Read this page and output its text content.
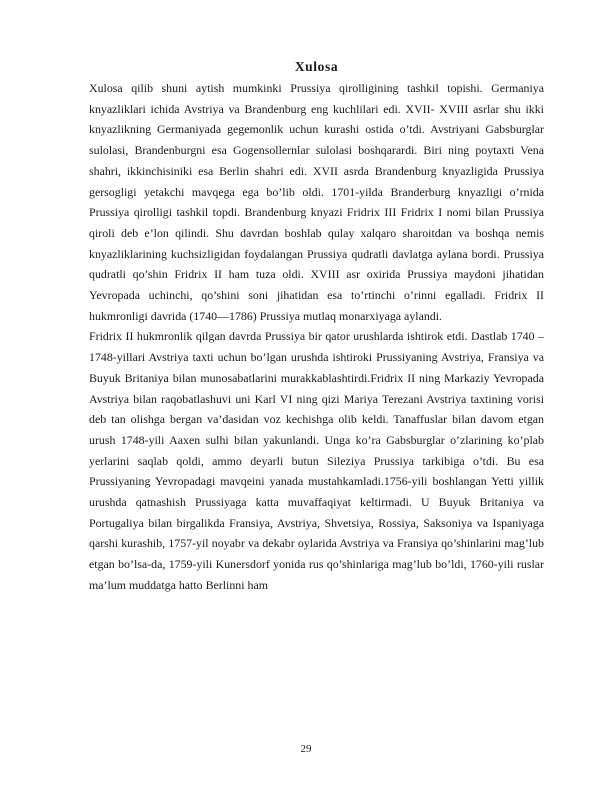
Xulosa

Xulosa qilib shuni aytish mumkinki Prussiya qirolligining tashkil topishi. Germaniya knyazliklari ichida Avstriya va Brandenburg eng kuchlilari edi. XVII- XVIII asrlar shu ikki knyazlikning Germaniyada gegemonlik uchun kurashi ostida o’tdi. Avstriyani Gabsburglar sulolasi, Brandenburgni esa Gogensollernlar sulolasi boshqarardi. Biri ning poytaxti Vena shahri, ikkinchisiniki esa Berlin shahri edi. XVII asrda Brandenburg knyazligida Prussiya gersogligi yetakchi mavqega ega bo’lib oldi. 1701-yilda Branderburg knyazligi o’rnida Prussiya qirolligi tashkil topdi. Brandenburg knyazi Fridrix III Fridrix I nomi bilan Prussiya qiroli deb e’lon qilindi. Shu davrdan boshlab qulay xalqaro sharoitdan va boshqa nemis knyazliklarining kuchsizligidan foydalangan Prussiya qudratli davlatga aylana bordi. Prussiya qudratli qo’shin Fridrix II ham tuza oldi. XVIII asr oxirida Prussiya maydoni jihatidan Yevropada uchinchi, qo’shini soni jihatidan esa to’rtinchi o’rinni egalladi. Fridrix II hukmronligi davrida (1740—1786) Prussiya mutlaq monarxiyaga aylandi.

Fridrix II hukmronlik qilgan davrda Prussiya bir qator urushlarda ishtirok etdi. Dastlab 1740 –1748-yillari Avstriya taxti uchun bo’lgan urushda ishtiroki Prussiyaning Avstriya, Fransiya va Buyuk Britaniya bilan munosabatlarini murakkablashtirdi.Fridrix II ning Markaziy Yevropada Avstriya bilan raqobatlashuvi uni Karl VI ning qizi Mariya Terezani Avstriya taxtining vorisi deb tan olishga bergan va’dasidan voz kechishga olib keldi. Tanaffuslar bilan davom etgan urush 1748-yili Aaxen sulhi bilan yakunlandi. Unga ko’ra Gabsburglar o’zlarining ko’plab yerlarini saqlab qoldi, ammo deyarli butun Sileziya Prussiya tarkibiga o’tdi. Bu esa Prussiyaning Yevropadagi mavqeini yanada mustahkamladi.1756-yili boshlangan Yetti yillik urushda qatnashish Prussiyaga katta muvaffaqiyat keltirmadi. U Buyuk Britaniya va Portugaliya bilan birgalikda Fransiya, Avstriya, Shvetsiya, Rossiya, Saksoniya va Ispaniyaga qarshi kurashib, 1757-yil noyabr va dekabr oylarida Avstriya va Fransiya qo’shinlarini mag’lub etgan bo’lsa-da, 1759-yili Kunersdorf yonida rus qo’shinlariga mag’lub bo’ldi, 1760-yili ruslar ma’lum muddatga hatto Berlinni ham

29
